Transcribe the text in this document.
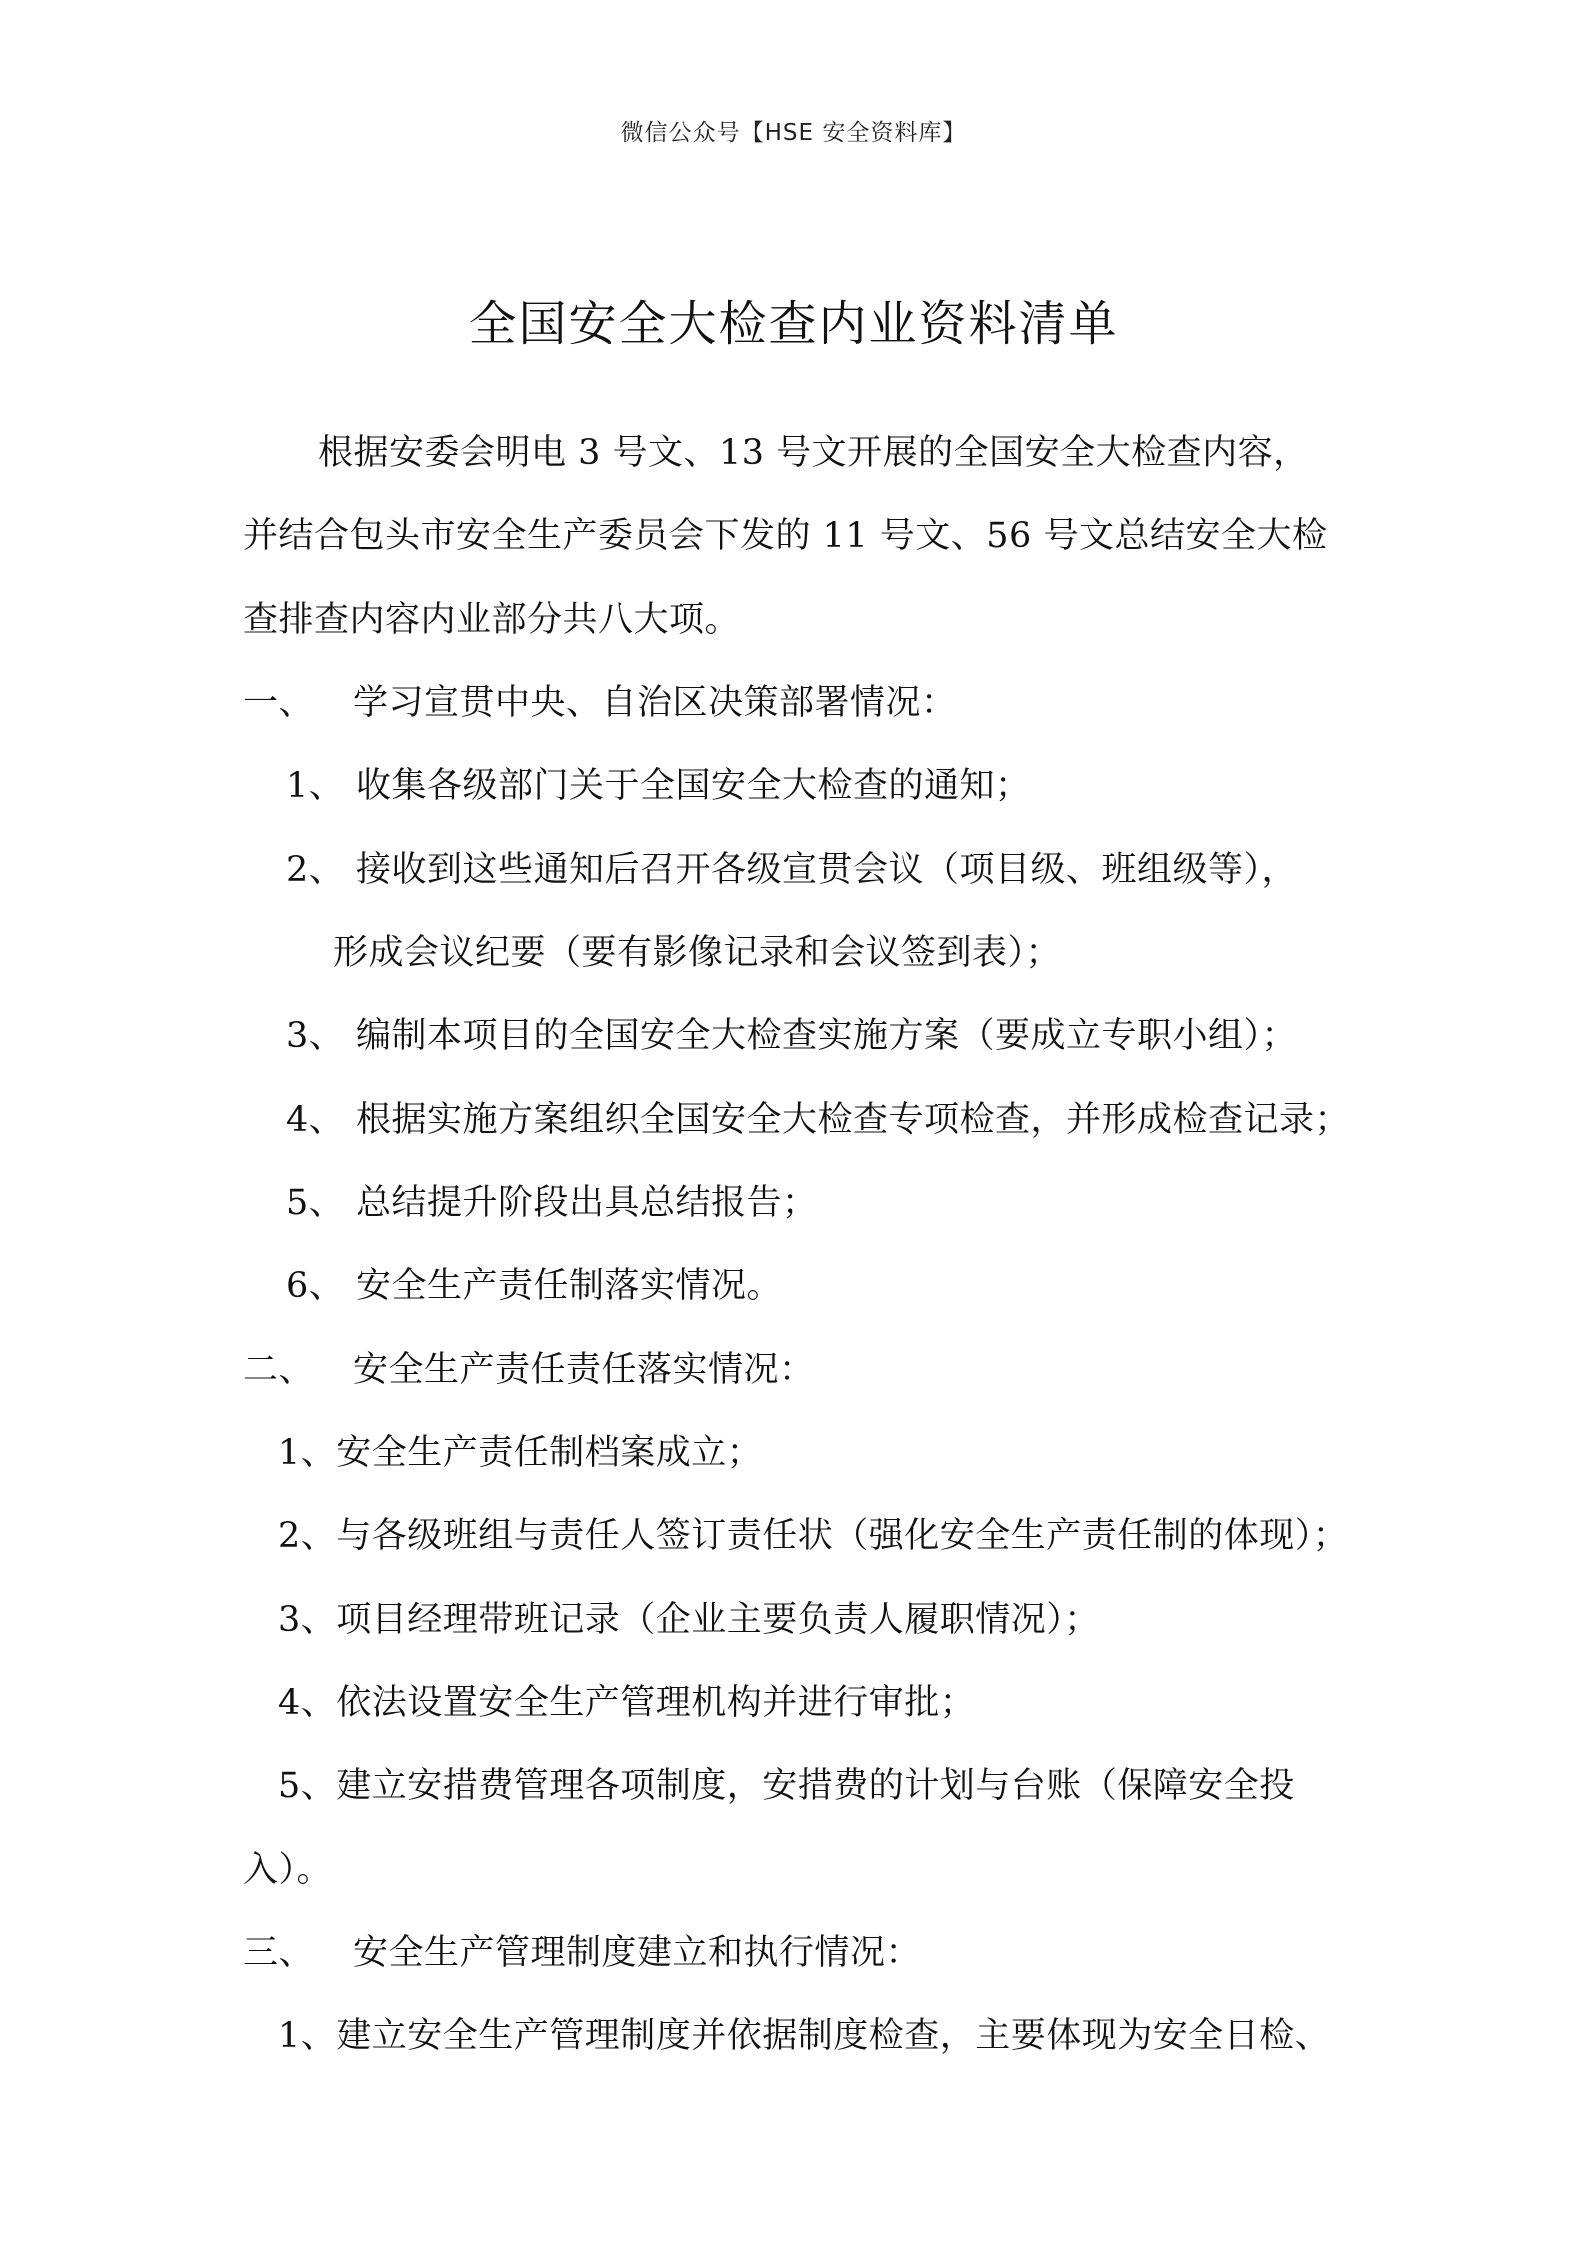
微信公众号【HSE 安全资料库】
全国安全大检查内业资料清单
根据安委会明电 3 号文、13 号文开展的全国安全大检查内容，
并结合包头市安全生产委员会下发的 11 号文、56 号文总结安全大检
查排查内容内业部分共八大项。
一、 学习宣贯中央、自治区决策部署情况：
1、 收集各级部门关于全国安全大检查的通知；
2、 接收到这些通知后召开各级宣贯会议（项目级、班组级等），
形成会议纪要（要有影像记录和会议签到表）；
3、 编制本项目的全国安全大检查实施方案（要成立专职小组）；
4、 根据实施方案组织全国安全大检查专项检查，并形成检查记录；
5、 总结提升阶段出具总结报告；
6、 安全生产责任制落实情况。
二、 安全生产责任责任落实情况：
1、安全生产责任制档案成立；
2、与各级班组与责任人签订责任状（强化安全生产责任制的体现）；
3、项目经理带班记录（企业主要负责人履职情况）；
4、依法设置安全生产管理机构并进行审批；
5、建立安措费管理各项制度，安措费的计划与台账（保障安全投
入）。
三、 安全生产管理制度建立和执行情况：
1、建立安全生产管理制度并依据制度检查，主要体现为安全日检、
